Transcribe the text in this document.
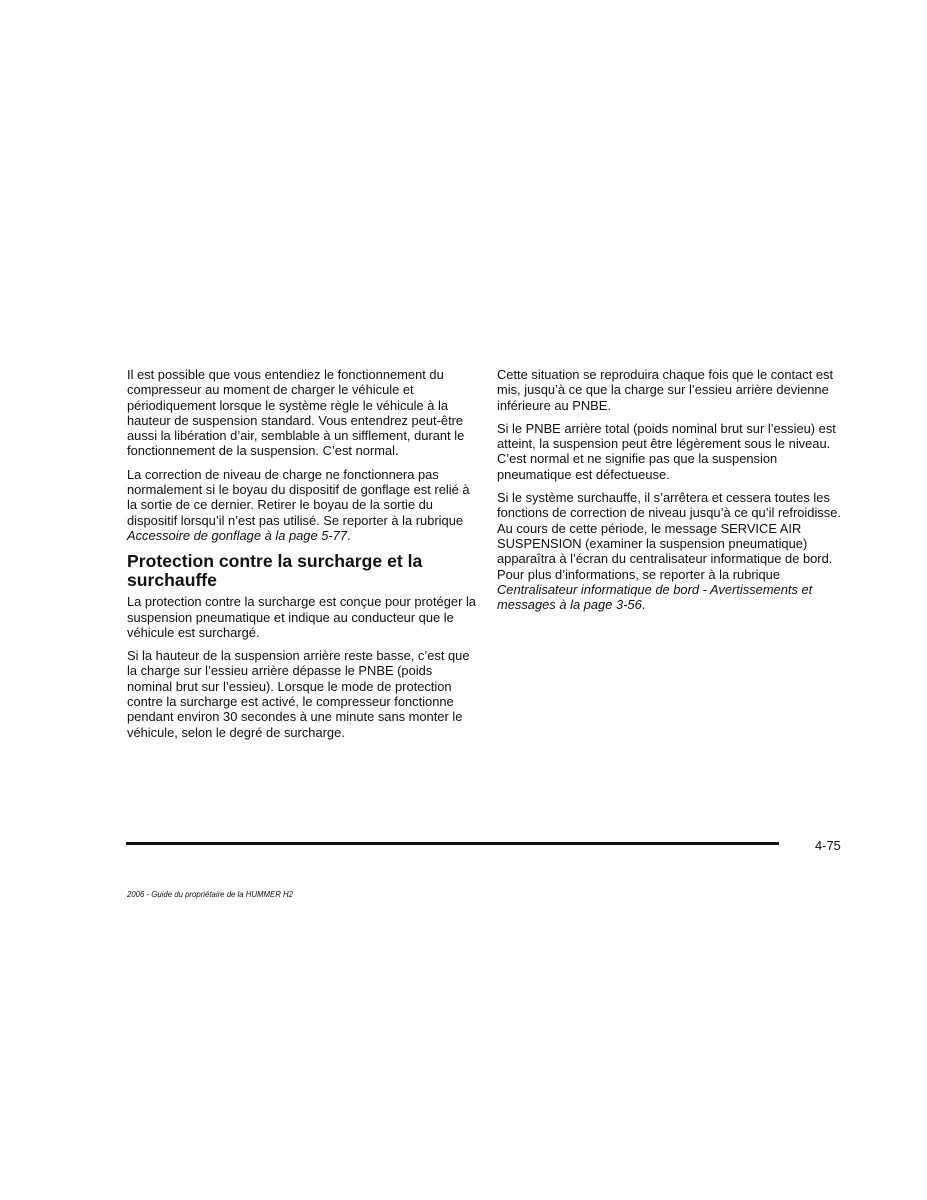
Il est possible que vous entendiez le fonctionnement du compresseur au moment de charger le véhicule et périodiquement lorsque le système règle le véhicule à la hauteur de suspension standard. Vous entendrez peut-être aussi la libération d’air, semblable à un sifflement, durant le fonctionnement de la suspension. C’est normal.

La correction de niveau de charge ne fonctionnera pas normalement si le boyau du dispositif de gonflage est relié à la sortie de ce dernier. Retirer le boyau de la sortie du dispositif lorsqu’il n’est pas utilisé. Se reporter à la rubrique Accessoire de gonflage à la page 5-77.

Protection contre la surcharge et la surchauffe

La protection contre la surcharge est conçue pour protéger la suspension pneumatique et indique au conducteur que le véhicule est surchargé.

Si la hauteur de la suspension arrière reste basse, c’est que la charge sur l’essieu arrière dépasse le PNBE (poids nominal brut sur l’essieu). Lorsque le mode de protection contre la surcharge est activé, le compresseur fonctionne pendant environ 30 secondes à une minute sans monter le véhicule, selon le degré de surcharge.

Cette situation se reproduira chaque fois que le contact est mis, jusqu’à ce que la charge sur l’essieu arrière devienne inférieure au PNBE.

Si le PNBE arrière total (poids nominal brut sur l’essieu) est atteint, la suspension peut être légèrement sous le niveau. C’est normal et ne signifie pas que la suspension pneumatique est défectueuse.

Si le système surchauffe, il s’arrêtera et cessera toutes les fonctions de correction de niveau jusqu’à ce qu’il refroidisse. Au cours de cette période, le message SERVICE AIR SUSPENSION (examiner la suspension pneumatique) apparaîtra à l’écran du centralisateur informatique de bord. Pour plus d’informations, se reporter à la rubrique Centralisateur informatique de bord - Avertissements et messages à la page 3-56.

4-75
2006 - Guide du propriétaire de la HUMMER H2
